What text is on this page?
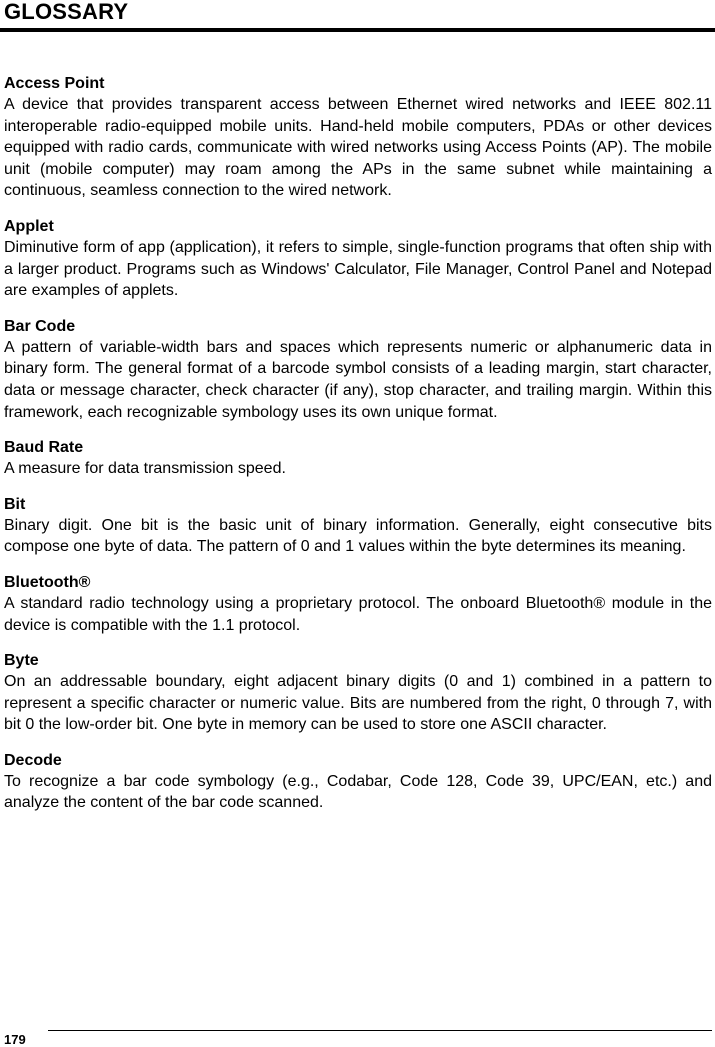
GLOSSARY
Access Point

A device that provides transparent access between Ethernet wired networks and IEEE 802.11 interoperable radio-equipped mobile units. Hand-held mobile computers, PDAs or other devices equipped with radio cards, communicate with wired networks using Access Points (AP). The mobile unit (mobile computer) may roam among the APs in the same subnet while maintaining a continuous, seamless connection to the wired network.

Applet

Diminutive form of app (application), it refers to simple, single-function programs that often ship with a larger product. Programs such as Windows' Calculator, File Manager, Control Panel and Notepad are examples of applets.

Bar Code

A pattern of variable-width bars and spaces which represents numeric or alphanumeric data in binary form. The general format of a barcode symbol consists of a leading margin, start character, data or message character, check character (if any), stop character, and trailing margin. Within this framework, each recognizable symbology uses its own unique format.

Baud Rate

A measure for data transmission speed.

Bit

Binary digit. One bit is the basic unit of binary information. Generally, eight consecutive bits compose one byte of data. The pattern of 0 and 1 values within the byte determines its meaning.

Bluetooth®

A standard radio technology using a proprietary protocol. The onboard Bluetooth® module in the device is compatible with the 1.1 protocol.

Byte

On an addressable boundary, eight adjacent binary digits (0 and 1) combined in a pattern to represent a specific character or numeric value. Bits are numbered from the right, 0 through 7, with bit 0 the low-order bit. One byte in memory can be used to store one ASCII character.

Decode

To recognize a bar code symbology (e.g., Codabar, Code 128, Code 39, UPC/EAN, etc.) and analyze the content of the bar code scanned.

179
